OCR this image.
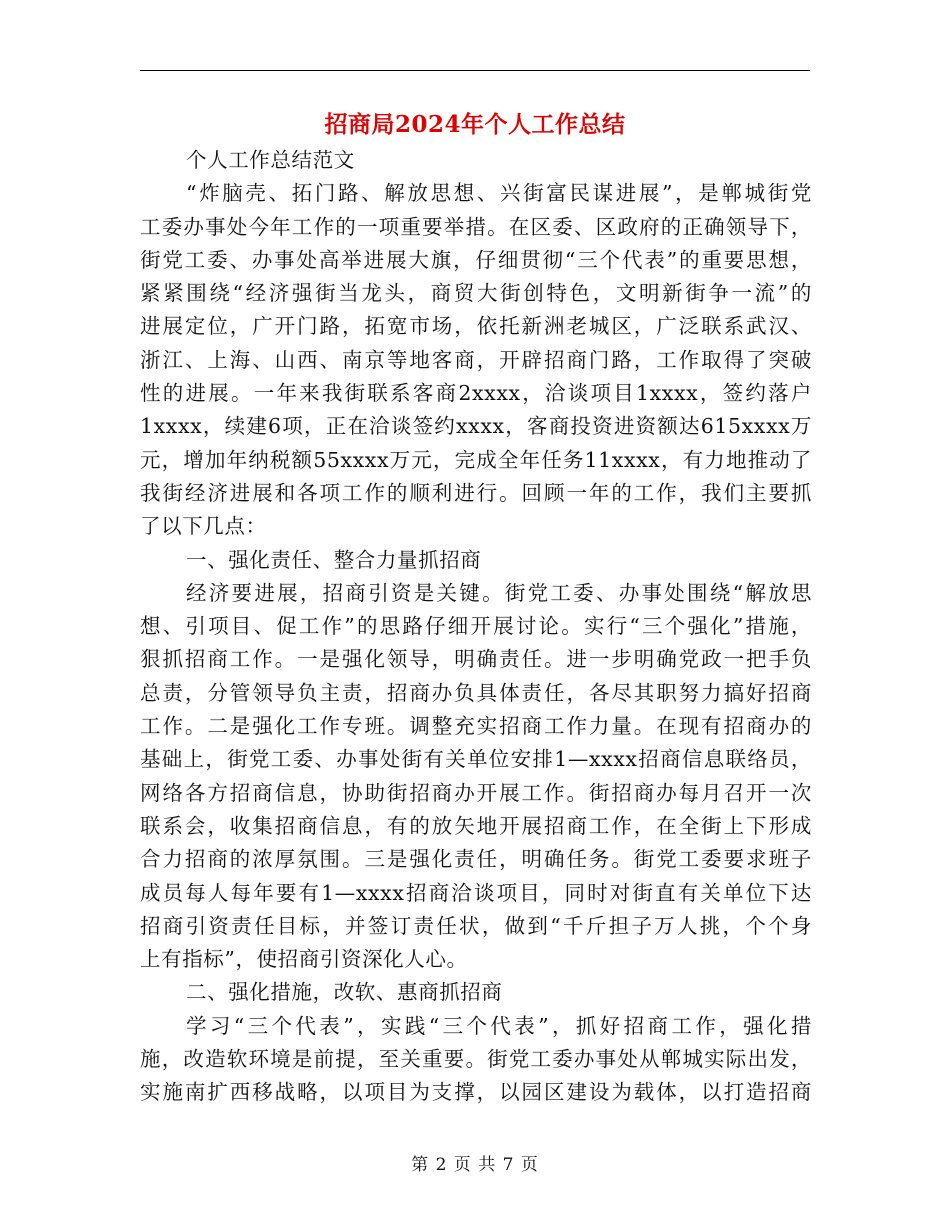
招商局2024年个人工作总结
个人工作总结范文
“炸脑壳、拓门路、解放思想、兴街富民谋进展”，是郸城街党
工委办事处今年工作的一项重要举措。在区委、区政府的正确领导下，
街党工委、办事处高举进展大旗，仔细贯彻“三个代表”的重要思想，
紧紧围绕“经济强街当龙头，商贸大街创特色，文明新街争一流”的
进展定位，广开门路，拓宽市场，依托新洲老城区，广泛联系武汉、
浙江、上海、山西、南京等地客商，开辟招商门路，工作取得了突破
性的进展。一年来我街联系客商2xxxx，洽谈项目1xxxx，签约落户
1xxxx，续建6项，正在洽谈签约xxxx，客商投资进资额达615xxxx万
元，增加年纳税额55xxxx万元，完成全年任务11xxxx，有力地推动了
我街经济进展和各项工作的顺利进行。回顾一年的工作，我们主要抓
了以下几点：
一、强化责任、整合力量抓招商
经济要进展，招商引资是关键。街党工委、办事处围绕“解放思
想、引项目、促工作”的思路仔细开展讨论。实行“三个强化”措施，
狠抓招商工作。一是强化领导，明确责任。进一步明确党政一把手负
总责，分管领导负主责，招商办负具体责任，各尽其职努力搞好招商
工作。二是强化工作专班。调整充实招商工作力量。在现有招商办的
基础上，街党工委、办事处街有关单位安排1—xxxx招商信息联络员，
网络各方招商信息，协助街招商办开展工作。街招商办每月召开一次
联系会，收集招商信息，有的放矢地开展招商工作，在全街上下形成
合力招商的浓厚氛围。三是强化责任，明确任务。街党工委要求班子
成员每人每年要有1—xxxx招商洽谈项目，同时对街直有关单位下达
招商引资责任目标，并签订责任状，做到“千斤担子万人挑，个个身
上有指标”，使招商引资深化人心。
二、强化措施，改软、惠商抓招商
学习“三个代表”，实践“三个代表”，抓好招商工作，强化措
施，改造软环境是前提，至关重要。街党工委办事处从郸城实际出发，
实施南扩西移战略，以项目为支撑，以园区建设为载体，以打造招商
第 2 页 共 7 页
